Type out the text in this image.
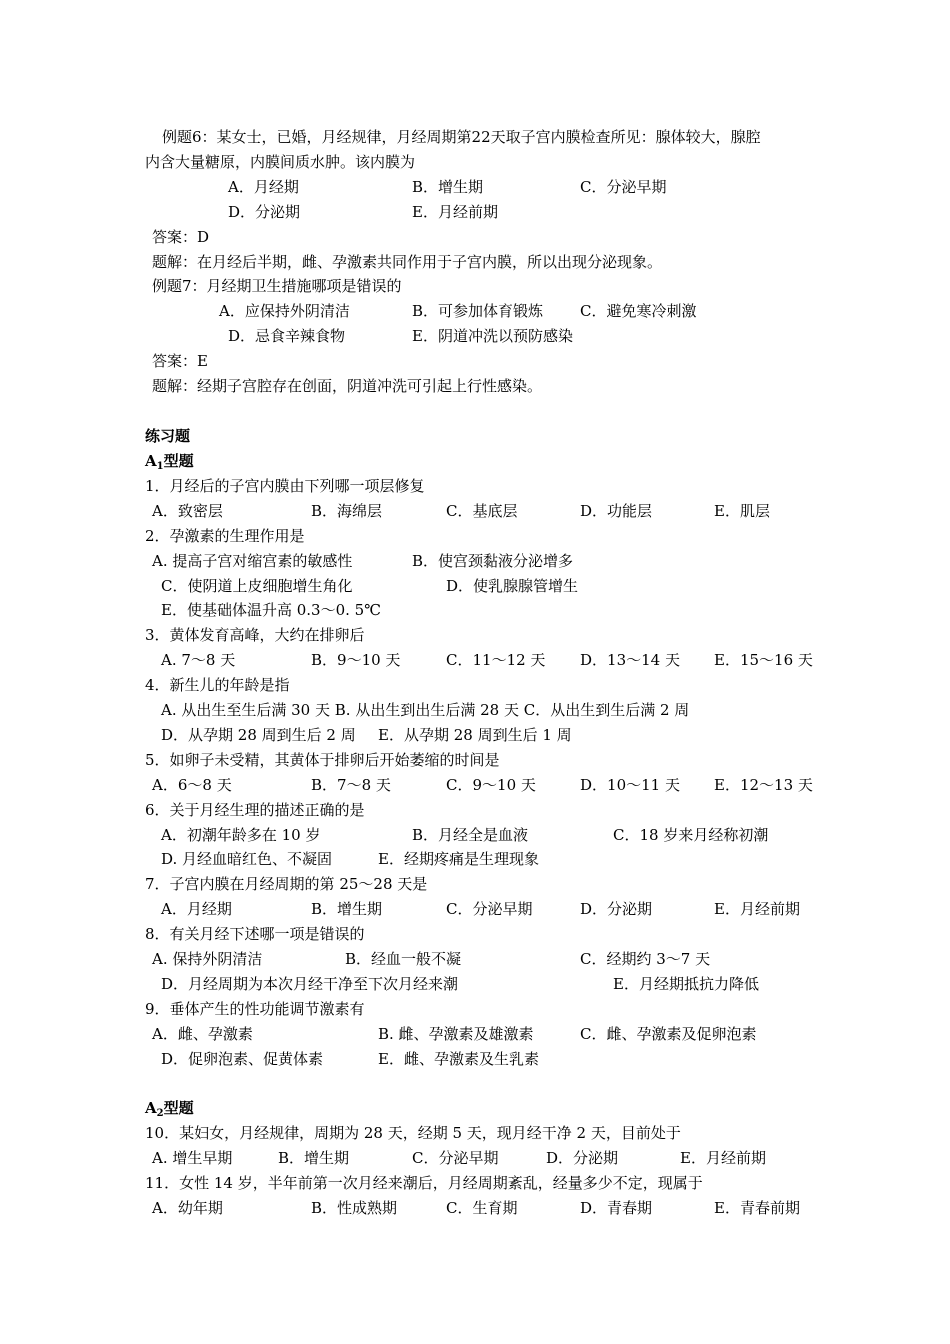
例题6：某女士，已婚，月经规律，月经周期第22天取子宫内膜检查所见：腺体较大，腺腔
内含大量糖原，内膜间质水肿。该内膜为
A．月经期	B．增生期	C．分泌早期
D．分泌期	E．月经前期
答案：D
题解：在月经后半期，雌、孕激素共同作用于子宫内膜，所以出现分泌现象。
例题7：月经期卫生措施哪项是错误的
A．应保持外阴清洁	B．可参加体育锻炼 C．避免寒冷刺激
D．忌食辛辣食物	E．阴道冲洗以预防感染
答案：E
题解：经期子宫腔存在创面，阴道冲洗可引起上行性感染。
练习题
$A_1$型题
1．月经后的子宫内膜由下列哪一项层修复
A．致密层	B．海绵层	C．基底层	D．功能层	E．肌层
2．孕激素的生理作用是
A. 提高子宫对缩宫素的敏感性	B．使宫颈黏液分泌增多
C．使阴道上皮细胞增生角化	D．使乳腺腺管增生
E．使基础体温升高 0.3～0. 5℃
3．黄体发育高峰，大约在排卵后
A. 7～8 天	B．9～10 天	C．11～12 天 D．13～14 天 E．15～16 天
4．新生儿的年龄是指
A. 从出生至生后满 30 天 B. 从出生到出生后满 28 天 C．从出生到生后满 2 周
D．从孕期 28 周到生后 2 周 E．从孕期 28 周到生后 1 周
5．如卵子未受精，其黄体于排卵后开始萎缩的时间是
A．6～8 天	B．7～8 天	C．9～10 天	D．10～11 天 E．12～13 天
6．关于月经生理的描述正确的是
A．初潮年龄多在 10 岁	B．月经全是血液	C．18 岁来月经称初潮
D. 月经血暗红色、不凝固	E．经期疼痛是生理现象
7．子宫内膜在月经周期的第 25～28 天是
A．月经期	B．增生期	C．分泌早期	D．分泌期	E．月经前期
8．有关月经下述哪一项是错误的
A. 保持外阴清洁	B．经血一般不凝	C．经期约 3～7 天
D．月经周期为本次月经干净至下次月经来潮	E．月经期抵抗力降低
9．垂体产生的性功能调节激素有
A．雌、孕激素	B. 雌、孕激素及雄激素	C．雌、孕激素及促卵泡素
D．促卵泡素、促黄体素	E．雌、孕激素及生乳素
$A_2$型题
10．某妇女，月经规律，周期为 28 天，经期 5 天，现月经干净 2 天，目前处于
A. 增生早期	B．增生期	C．分泌早期	D．分泌期	E．月经前期
11．女性 14 岁，半年前第一次月经来潮后，月经周期紊乱，经量多少不定，现属于
A．幼年期	B．性成熟期	C．生育期	D．青春期	E．青春前期
